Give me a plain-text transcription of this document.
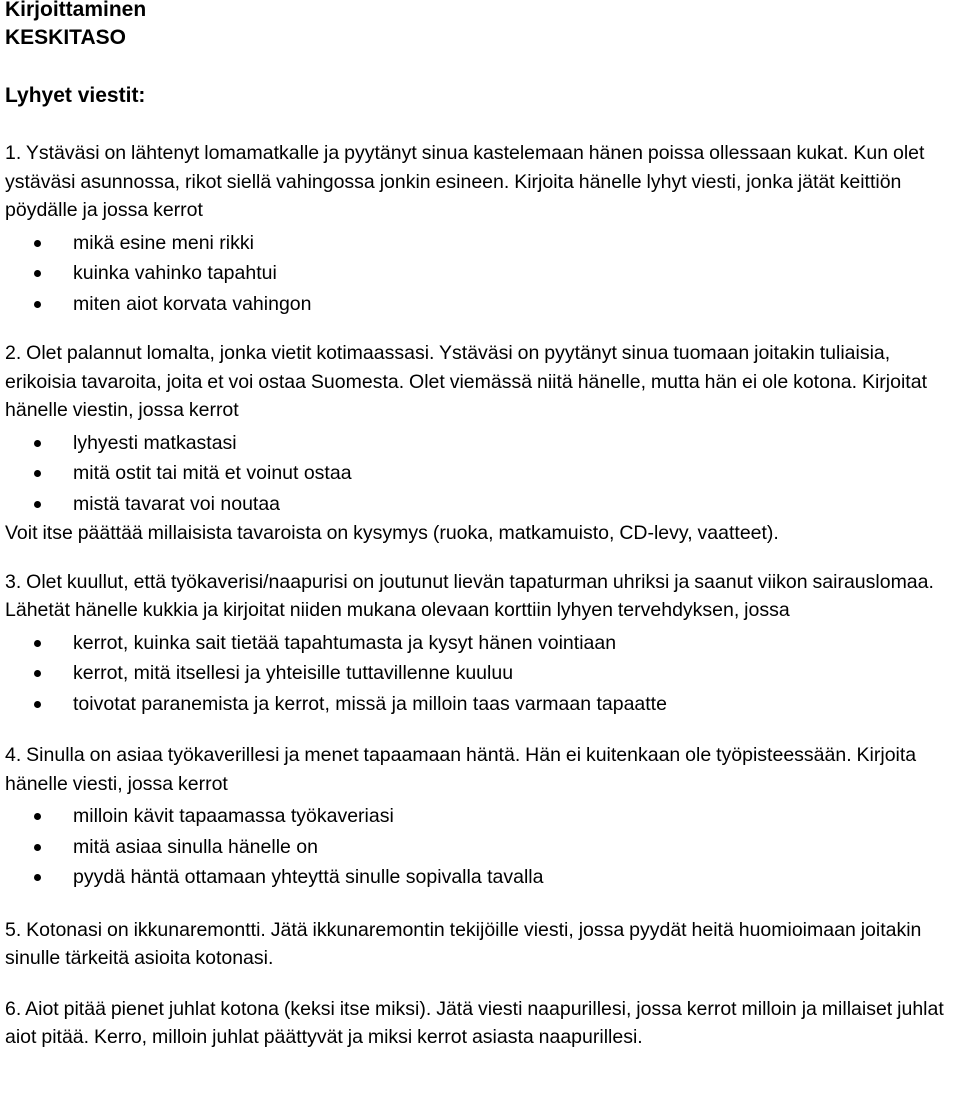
Kirjoittaminen
KESKITASO
Lyhyet viestit:

1. Ystäväsi on lähtenyt lomamatkalle ja pyytänyt sinua kastelemaan hänen poissa ollessaan kukat. Kun olet ystäväsi asunnossa, rikot siellä vahingossa jonkin esineen. Kirjoita hänelle lyhyt viesti, jonka jätät keittiön pöydälle ja jossa kerrot

mikä esine meni rikki
kuinka vahinko tapahtui
miten aiot korvata vahingon

2. Olet palannut lomalta, jonka vietit kotimaassasi. Ystäväsi on pyytänyt sinua tuomaan joitakin tuliaisia, erikoisia tavaroita, joita et voi ostaa Suomesta. Olet viemässä niitä hänelle, mutta hän ei ole kotona. Kirjoitat hänelle viestin, jossa kerrot

lyhyesti matkastasi
mitä ostit tai mitä et voinut ostaa
mistä tavarat voi noutaa

Voit itse päättää millaisista tavaroista on kysymys (ruoka, matkamuisto, CD-levy, vaatteet).

3. Olet kuullut, että työkaverisi/naapurisi on joutunut lievän tapaturman uhriksi ja saanut viikon sairauslomaa. Lähetät hänelle kukkia ja kirjoitat niiden mukana olevaan korttiin lyhyen tervehdyksen, jossa

kerrot, kuinka sait tietää tapahtumasta ja kysyt hänen vointiaan
kerrot, mitä itsellesi ja yhteisille tuttavillenne kuuluu
toivotat paranemista ja kerrot, missä ja milloin taas varmaan tapaatte

4. Sinulla on asiaa työkaverillesi ja menet tapaamaan häntä. Hän ei kuitenkaan ole työpisteessään. Kirjoita hänelle viesti, jossa kerrot

milloin kävit tapaamassa työkaveriasi
mitä asiaa sinulla hänelle on
pyydä häntä ottamaan yhteyttä sinulle sopivalla tavalla

5. Kotonasi on ikkunaremontti. Jätä ikkunaremontin tekijöille viesti, jossa pyydät heitä huomioimaan joitakin sinulle tärkeitä asioita kotonasi.

6. Aiot pitää pienet juhlat kotona (keksi itse miksi). Jätä viesti naapurillesi, jossa kerrot milloin ja millaiset juhlat aiot pitää. Kerro, milloin juhlat päättyvät ja miksi kerrot asiasta naapurillesi.
